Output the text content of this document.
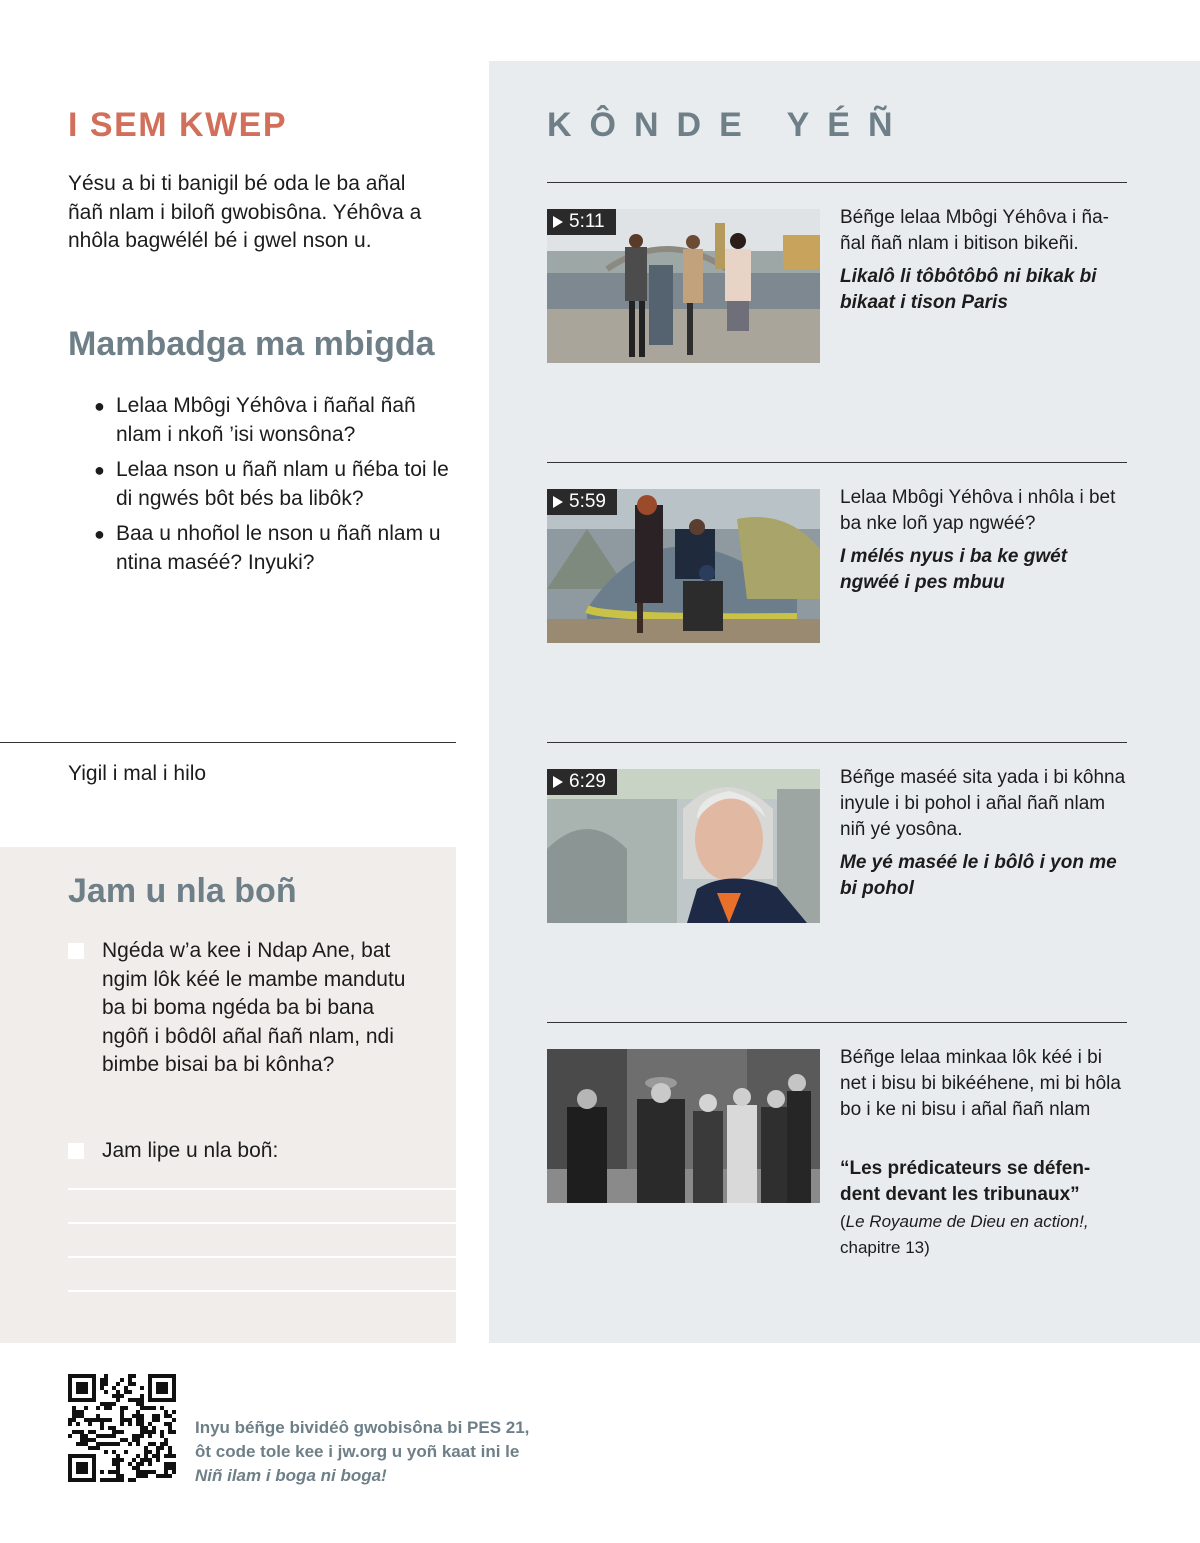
I SEM KWEP

Yésu a bi ti banigil bé oda le ba añal ñañ nlam i biloñ gwobisôna. Yéhôva a nhôla bagwélél bé i gwel nson u.

Mambadga ma mbigda
● Lelaa Mbôgi Yéhôva i ñañal ñañ nlam i nkoñ ’isi wonsôna?
● Lelaa nson u ñañ nlam u ñéba toi le di ngwés bôt bés ba libôk?
● Baa u nhoñol le nson u ñañ nlam u ntina maséé? Inyuki?
Yigil i mal i hilo
Jam u nla boñ

Ngéda w’a kee i Ndap Ane, bat ngim lôk kéé le mambe mandutu ba bi boma ngéda ba bi bana ngôñ i bôdôl añal ñañ nlam, ndi bimbe bisai ba bi kônha?

Jam lipe u nla boñ:

KÔNDE YÉÑ
5:11	Béñge lelaa Mbôgi Yéhôva i ña-ñal ñañ nlam i bitison bikeñi.

Likalô li tôbôtôbô ni bikak bi bikaat i tison Paris

5:59	Lelaa Mbôgi Yéhôva i nhôla i bet ba nke loñ yap ngwéé?

I mélés nyus i ba ke gwét ngwéé i pes mbuu

6:29	Béñge maséé sita yada i bi kôhna inyule i bi pohol i añal ñañ nlam niñ yé yosôna.

Me yé maséé le i bôlô i yon me bi pohol

Béñge lelaa minkaa lôk kéé i bi net i bisu bi bikééhene, mi bi hôla bo i ke ni bisu i añal ñañ nlam

“Les prédicateurs se défen-dent devant les tribunaux”

(Le Royaume de Dieu en action!,
chapitre 13)

Inyu béñge bividéô gwobisôna bi PES 21,
ôt code tole kee i jw.org u yoñ kaat ini le
Niñ ilam i boga ni boga!
